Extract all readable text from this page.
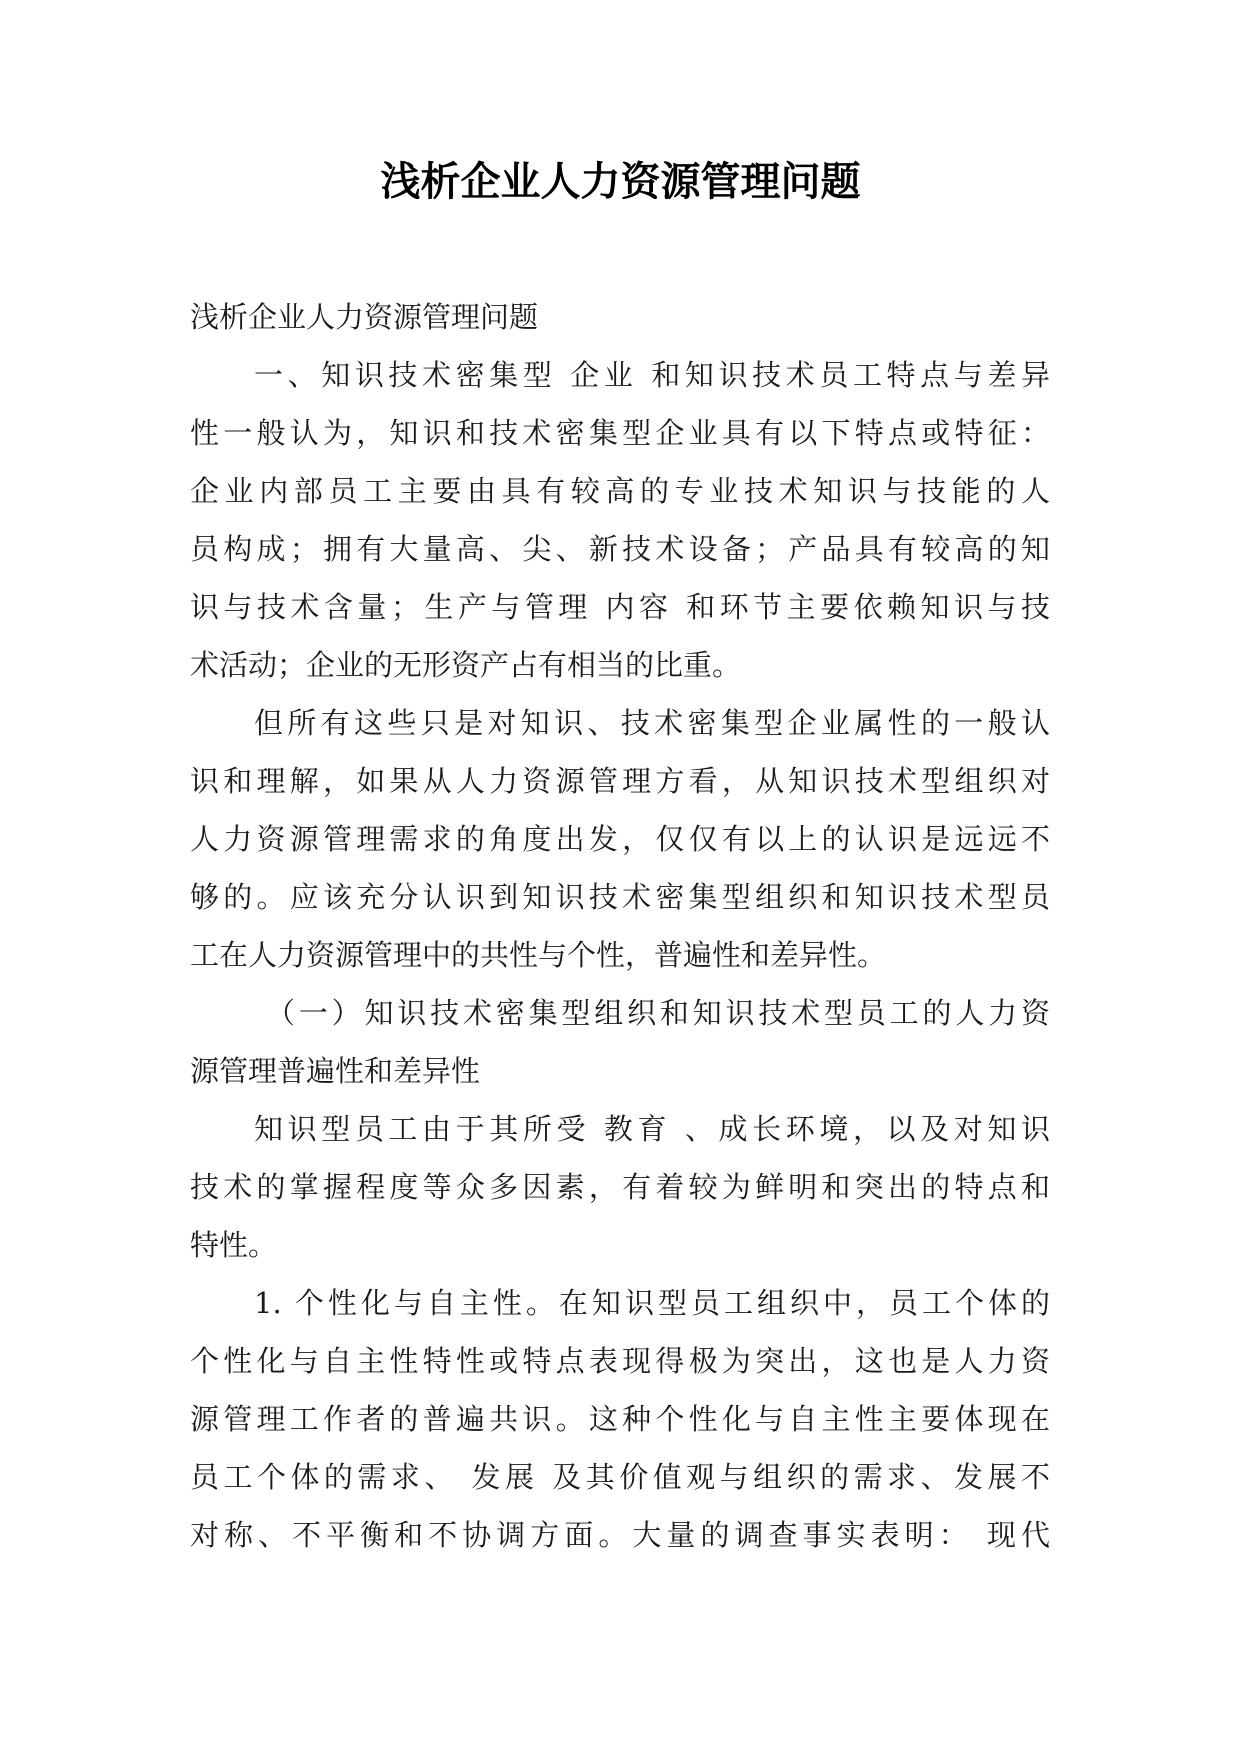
浅析企业人力资源管理问题
浅析企业人力资源管理问题
一、知识技术密集型 企业 和知识技术员工特点与差异
性一般认为，知识和技术密集型企业具有以下特点或特征：
企业内部员工主要由具有较高的专业技术知识与技能的人
员构成；拥有大量高、尖、新技术设备；产品具有较高的知
识与技术含量；生产与管理 内容 和环节主要依赖知识与技
术活动；企业的无形资产占有相当的比重。
但所有这些只是对知识、技术密集型企业属性的一般认
识和理解，如果从人力资源管理方看，从知识技术型组织对
人力资源管理需求的角度出发，仅仅有以上的认识是远远不
够的。应该充分认识到知识技术密集型组织和知识技术型员
工在人力资源管理中的共性与个性，普遍性和差异性。
（一）知识技术密集型组织和知识技术型员工的人力资
源管理普遍性和差异性
知识型员工由于其所受 教育 、成长环境，以及对知识
技术的掌握程度等众多因素，有着较为鲜明和突出的特点和
特性。
1. 个性化与自主性。在知识型员工组织中，员工个体的
个性化与自主性特性或特点表现得极为突出，这也是人力资
源管理工作者的普遍共识。这种个性化与自主性主要体现在
员工个体的需求、 发展 及其价值观与组织的需求、发展不
对称、不平衡和不协调方面。大量的调查事实表明： 现代
